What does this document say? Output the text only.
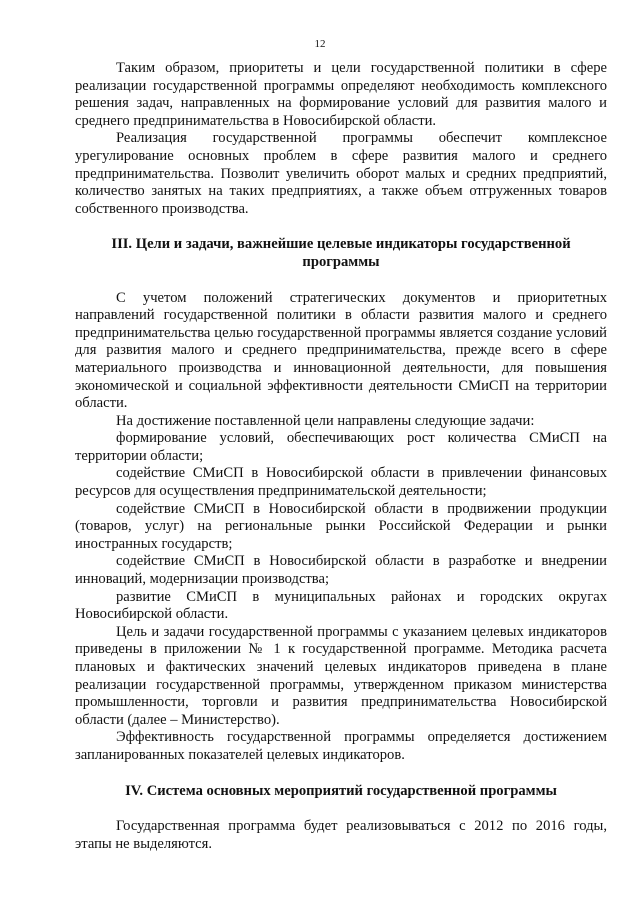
12

Таким образом, приоритеты и цели государственной политики в сфере реализации государственной программы определяют необходимость комплексного решения задач, направленных на формирование условий для развития малого и среднего предпринимательства в Новосибирской области.

Реализация государственной программы обеспечит комплексное урегулирование основных проблем в сфере развития малого и среднего предпринимательства. Позволит увеличить оборот малых и средних предприятий, количество занятых на таких предприятиях, а также объем отгруженных товаров собственного производства.

III. Цели и задачи, важнейшие целевые индикаторы государственной программы

С учетом положений стратегических документов и приоритетных направлений государственной политики в области развития малого и среднего предпринимательства целью государственной программы является создание условий для развития малого и среднего предпринимательства, прежде всего в сфере материального производства и инновационной деятельности, для повышения экономической и социальной эффективности деятельности СМиСП на территории области.

На достижение поставленной цели направлены следующие задачи:

формирование условий, обеспечивающих рост количества СМиСП на территории области;

содействие СМиСП в Новосибирской области в привлечении финансовых ресурсов для осуществления предпринимательской деятельности;

содействие СМиСП в Новосибирской области в продвижении продукции (товаров, услуг) на региональные рынки Российской Федерации и рынки иностранных государств;

содействие СМиСП в Новосибирской области в разработке и внедрении инноваций, модернизации производства;

развитие СМиСП в муниципальных районах и городских округах Новосибирской области.

Цель и задачи государственной программы с указанием целевых индикаторов приведены в приложении № 1 к государственной программе. Методика расчета плановых и фактических значений целевых индикаторов приведена в плане реализации государственной программы, утвержденном приказом министерства промышленности, торговли и развития предпринимательства Новосибирской области (далее – Министерство).

Эффективность государственной программы определяется достижением запланированных показателей целевых индикаторов.

IV. Система основных мероприятий государственной программы

Государственная программа будет реализовываться с 2012 по 2016 годы, этапы не выделяются.
